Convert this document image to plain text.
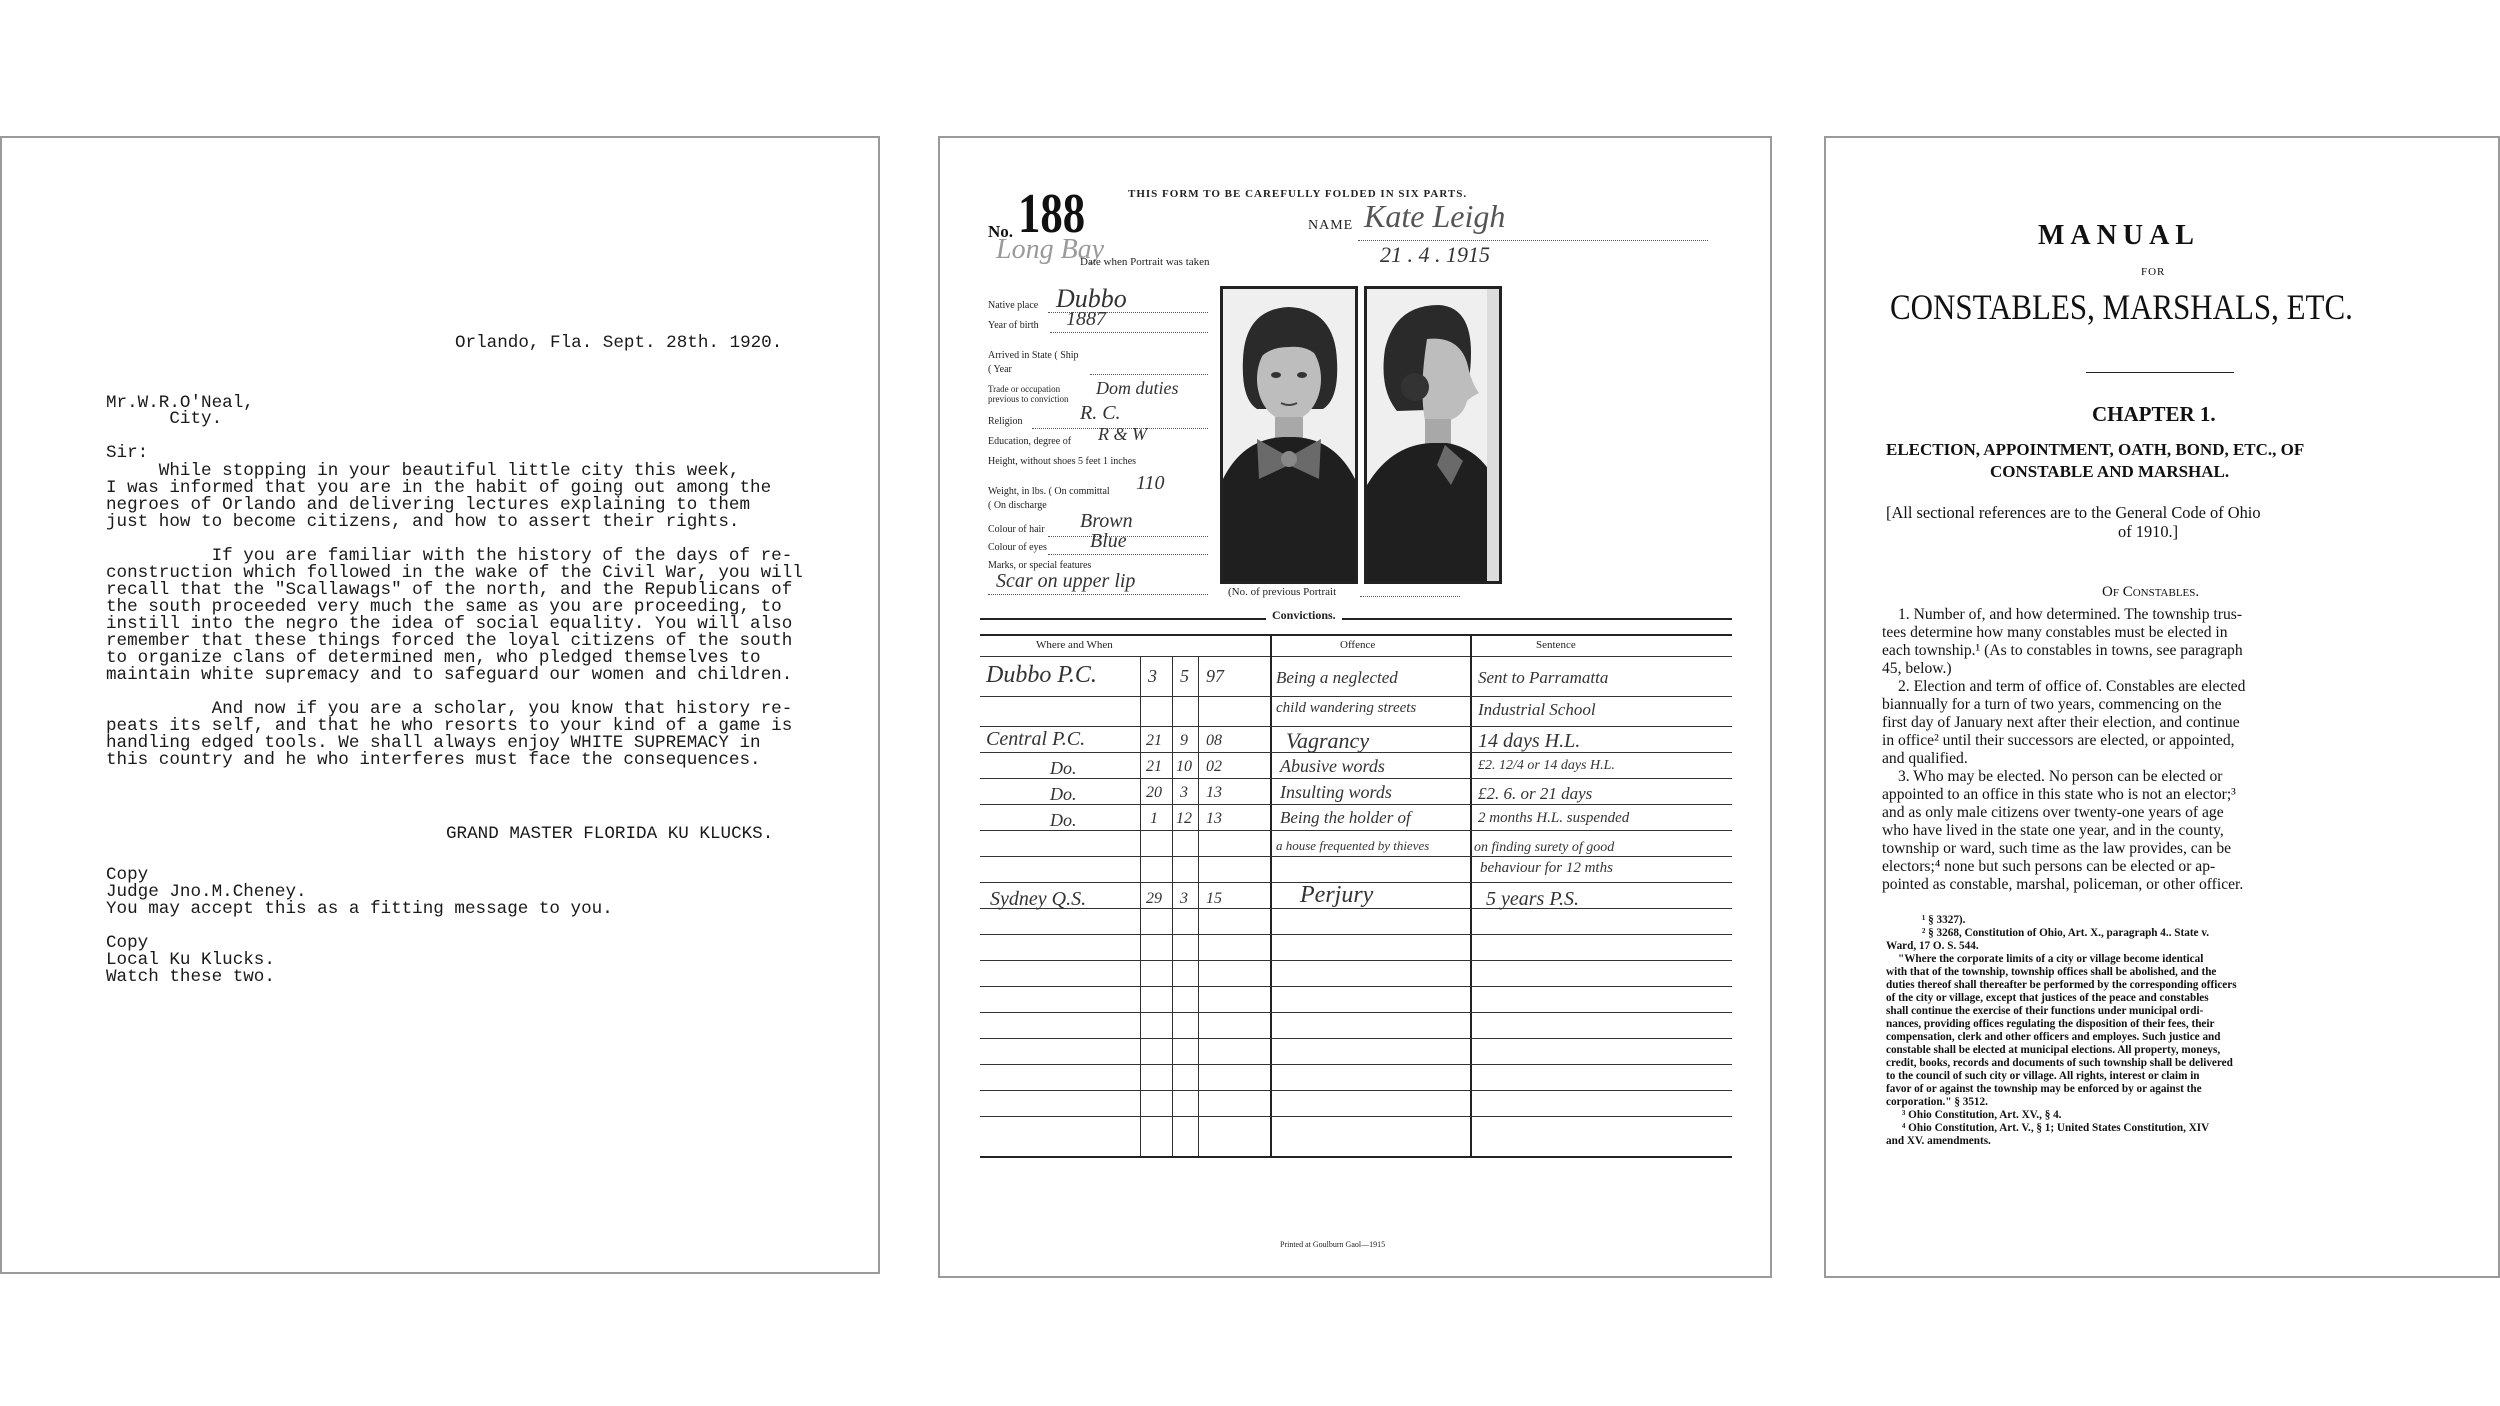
Orlando, Fla. Sept. 28th. 1920.
Mr.W.R.O'Neal,
City.
Sir:
While stopping in your beautiful little city this week,
I was informed that you are in the habit of going out among the
negroes of Orlando and delivering lectures explaining to them
just how to become citizens, and how to assert their rights.
If you are familiar with the history of the days of re-
construction which followed in the wake of the Civil War, you will
recall that the "Scallawags" of the north, and the Republicans of
the south proceeded very much the same as you are proceeding, to
instill into the negro the idea of social equality. You will also
remember that these things forced the loyal citizens of the south
to organize clans of determined men, who pledged themselves to
maintain white supremacy and to safeguard our women and children.
And now if you are a scholar, you know that history re-
peats its self, and that he who resorts to your kind of a game is
handling edged tools. We shall always enjoy WHITE SUPREMACY in
this country and he who interferes must face the consequences.
GRAND MASTER FLORIDA KU KLUCKS.
Copy
Judge Jno.M.Cheney.
You may accept this as a fitting message to you.
Copy
Local Ku Klucks.
Watch these two.
THIS FORM TO BE CAREFULLY FOLDED IN SIX PARTS.
No. 188	NAME Kate Leigh
Long Bay
Date when Portrait was taken	21 . 4 . 1915
Native place Dubbo
Year of birth 1887
Arrived in State ( Ship
( Year
Trade or occupation previous to conviction
Dom duties
Religion	R. C.
Education, degree of R & W
Height, without shoes 5 feet 1 inches
Weight, in lbs. ( On committal 110
( On discharge
Colour of hair Brown
Colour of eyes Blue
Marks, or special features
Scar on upper lip
7A 188
(No. of previous Portrait
Convictions.
Where and When	Offence	Sentence
Dubbo P.C.	3 5 97	Being a neglected	Sent to Parramatta
child wandering streets	Industrial School
Central P.C.	21 9 08	Vagrancy	14 days H.L.
Do.	21 10 02	Abusive words	£2. 12/4 or 14 days H.L.
Do.	20 3 13	Insulting words	£2. 6. or 21 days
Do.	1 12 13	Being the holder of	2 months H.L. suspended
a house frequented by thieves	on finding surety of good
behaviour for 12 mths
Sydney Q.S.	29 3 15	Perjury	5 years P.S.
Printed at Goulburn Gaol—1915
MANUAL
FOR
CONSTABLES, MARSHALS, ETC.
CHAPTER 1.
ELECTION, APPOINTMENT, OATH, BOND, ETC., OF
CONSTABLE AND MARSHAL.
[All sectional references are to the General Code of Ohio
of 1910.]
Of Constables.
1. Number of, and how determined. The township trus-
tees determine how many constables must be elected in
each township.¹ (As to constables in towns, see paragraph
45, below.)
2. Election and term of office of. Constables are elected
biannually for a turn of two years, commencing on the
first day of January next after their election, and continue
in office² until their successors are elected, or appointed,
and qualified.
3. Who may be elected. No person can be elected or
appointed to an office in this state who is not an elector;³
and as only male citizens over twenty-one years of age
who have lived in the state one year, and in the county,
township or ward, such time as the law provides, can be
electors;⁴ none but such persons can be elected or ap-
pointed as constable, marshal, policeman, or other officer.
¹ § 3327).
² § 3268, Constitution of Ohio, Art. X., paragraph 4.. State v.
Ward, 17 O. S. 544.
"Where the corporate limits of a city or village become identical
with that of the township, township offices shall be abolished, and the
duties thereof shall thereafter be performed by the corresponding officers
of the city or village, except that justices of the peace and constables
shall continue the exercise of their functions under municipal ordi-
nances, providing offices regulating the disposition of their fees, their
compensation, clerk and other officers and employes. Such justice and
constable shall be elected at municipal elections. All property, moneys,
credit, books, records and documents of such township shall be delivered
to the council of such city or village. All rights, interest or claim in
favor of or against the township may be enforced by or against the
corporation." § 3512.
³ Ohio Constitution, Art. XV., § 4.
⁴ Ohio Constitution, Art. V., § 1; United States Constitution, XIV
and XV. amendments.
